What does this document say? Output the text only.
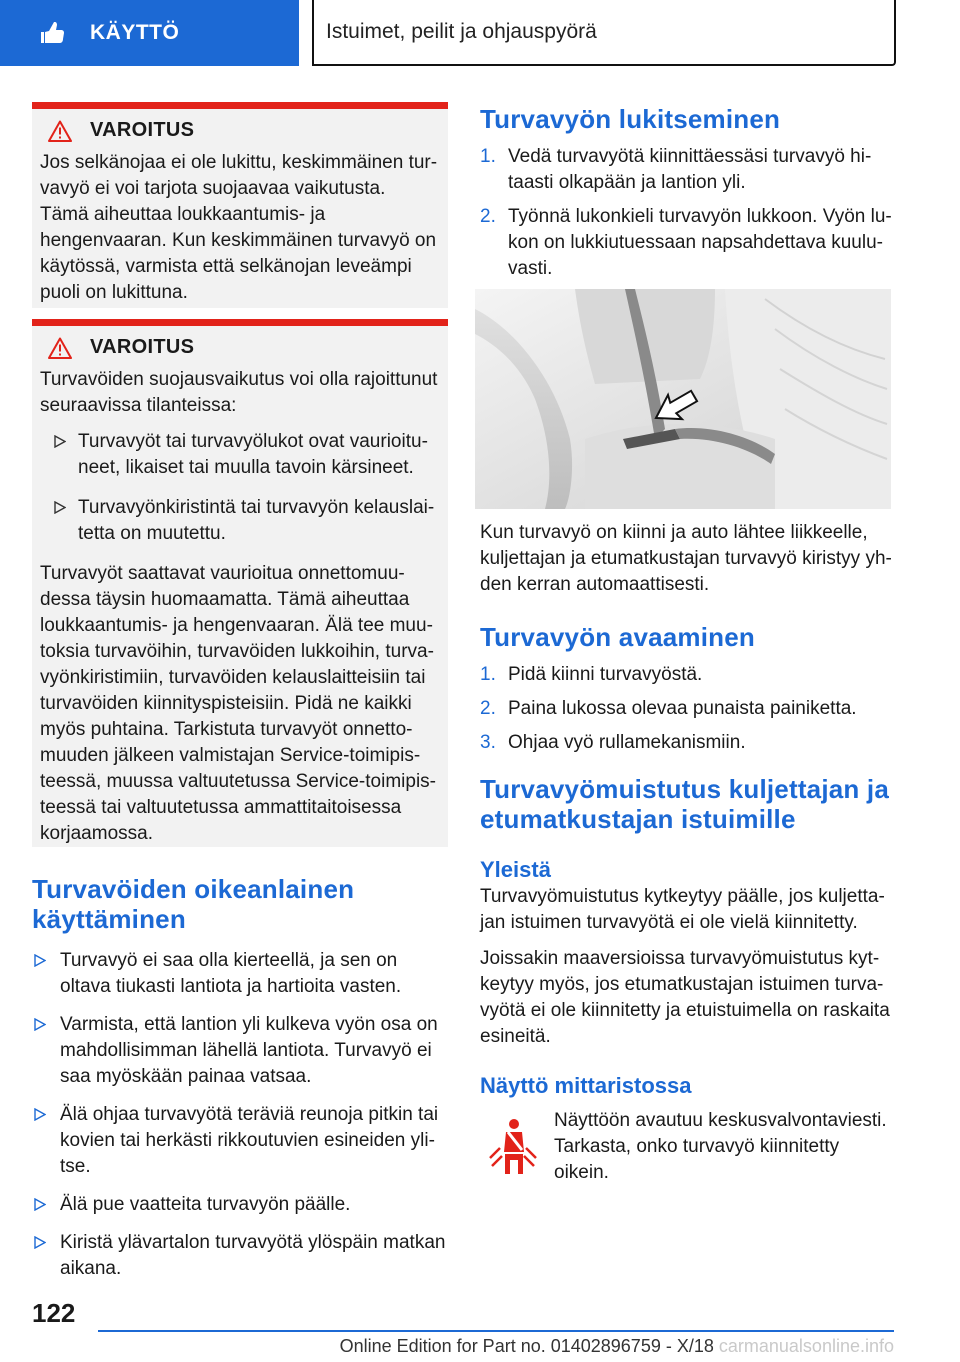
KÄYTTÖ	Istuimet, peilit ja ohjauspyörä
VAROITUS

Jos selkänojaa ei ole lukittu, keskimmäinen turvavyö ei voi tarjota suojaavaa vaikutusta. Tämä aiheuttaa loukkaantumis- ja hengenvaaran. Kun keskimmäinen turvavyö on käytössä, varmista että selkänojan leveämpi puoli on lukittuna.

VAROITUS

Turvavöiden suojausvaikutus voi olla rajoittunut seuraavissa tilanteissa:

Turvavyöt tai turvavyölukot ovat vaurioituneet, likaiset tai muulla tavoin kärsineet.
Turvavyönkiristintä tai turvavyön kelauslaitetta on muutettu.

Turvavyöt saattavat vaurioitua onnettomuudessa täysin huomaamatta. Tämä aiheuttaa loukkaantumis- ja hengenvaaran. Älä tee muutoksia turvavöihin, turvavöiden lukkoihin, turvavyönkiristimiin, turvavöiden kelauslaitteisiin tai turvavöiden kiinnityspisteisiin. Pidä ne kaikki myös puhtaina. Tarkistuta turvavyöt onnettomuuden jälkeen valmistajan Service-toimipisteessä, muussa valtuutetussa Service-toimipisteessä tai valtuutetussa ammattitaitoisessa korjaamossa.

Turvavöiden oikeanlainen käyttäminen
Turvavyö ei saa olla kierteellä, ja sen on oltava tiukasti lantiota ja hartioita vasten.
Varmista, että lantion yli kulkeva vyön osa on mahdollisimman lähellä lantiota. Turvavyö ei saa myöskään painaa vatsaa.
Älä ohjaa turvavyötä teräviä reunoja pitkin tai kovien tai herkästi rikkoutuvien esineiden ylitse.
Älä pue vaatteita turvavyön päälle.
Kiristä ylävartalon turvavyötä ylöspäin matkan aikana.
Turvavyön lukitseminen
1. Vedä turvavyötä kiinnittäessäsi turvavyö hitaasti olkapään ja lantion yli.
2. Työnnä lukonkieli turvavyön lukkoon. Vyön lukon on lukkiutuessaan napsahdettava kuuluvasti.

Kun turvavyö on kiinni ja auto lähtee liikkeelle, kuljettajan ja etumatkustajan turvavyö kiristyy yhden kerran automaattisesti.

Turvavyön avaaminen
1. Pidä kiinni turvavyöstä.
2. Paina lukossa olevaa punaista painiketta.
3. Ohjaa vyö rullamekanismiin.
Turvavyömuistutus kuljettajan ja etumatkustajan istuimille
Yleistä

Turvavyömuistutus kytkeytyy päälle, jos kuljettajan istuimen turvavyötä ei ole vielä kiinnitetty.

Joissakin maaversioissa turvavyömuistutus kytkeytyy myös, jos etumatkustajan istuimen turvavyötä ei ole kiinnitetty ja etuistuimella on raskaita esineitä.

Näyttö mittaristossa

Näyttöön avautuu keskusvalvontaviesti. Tarkasta, onko turvavyö kiinnitetty oikein.

122
Online Edition for Part no. 01402896759 - X/18 carmanualsonline.info
